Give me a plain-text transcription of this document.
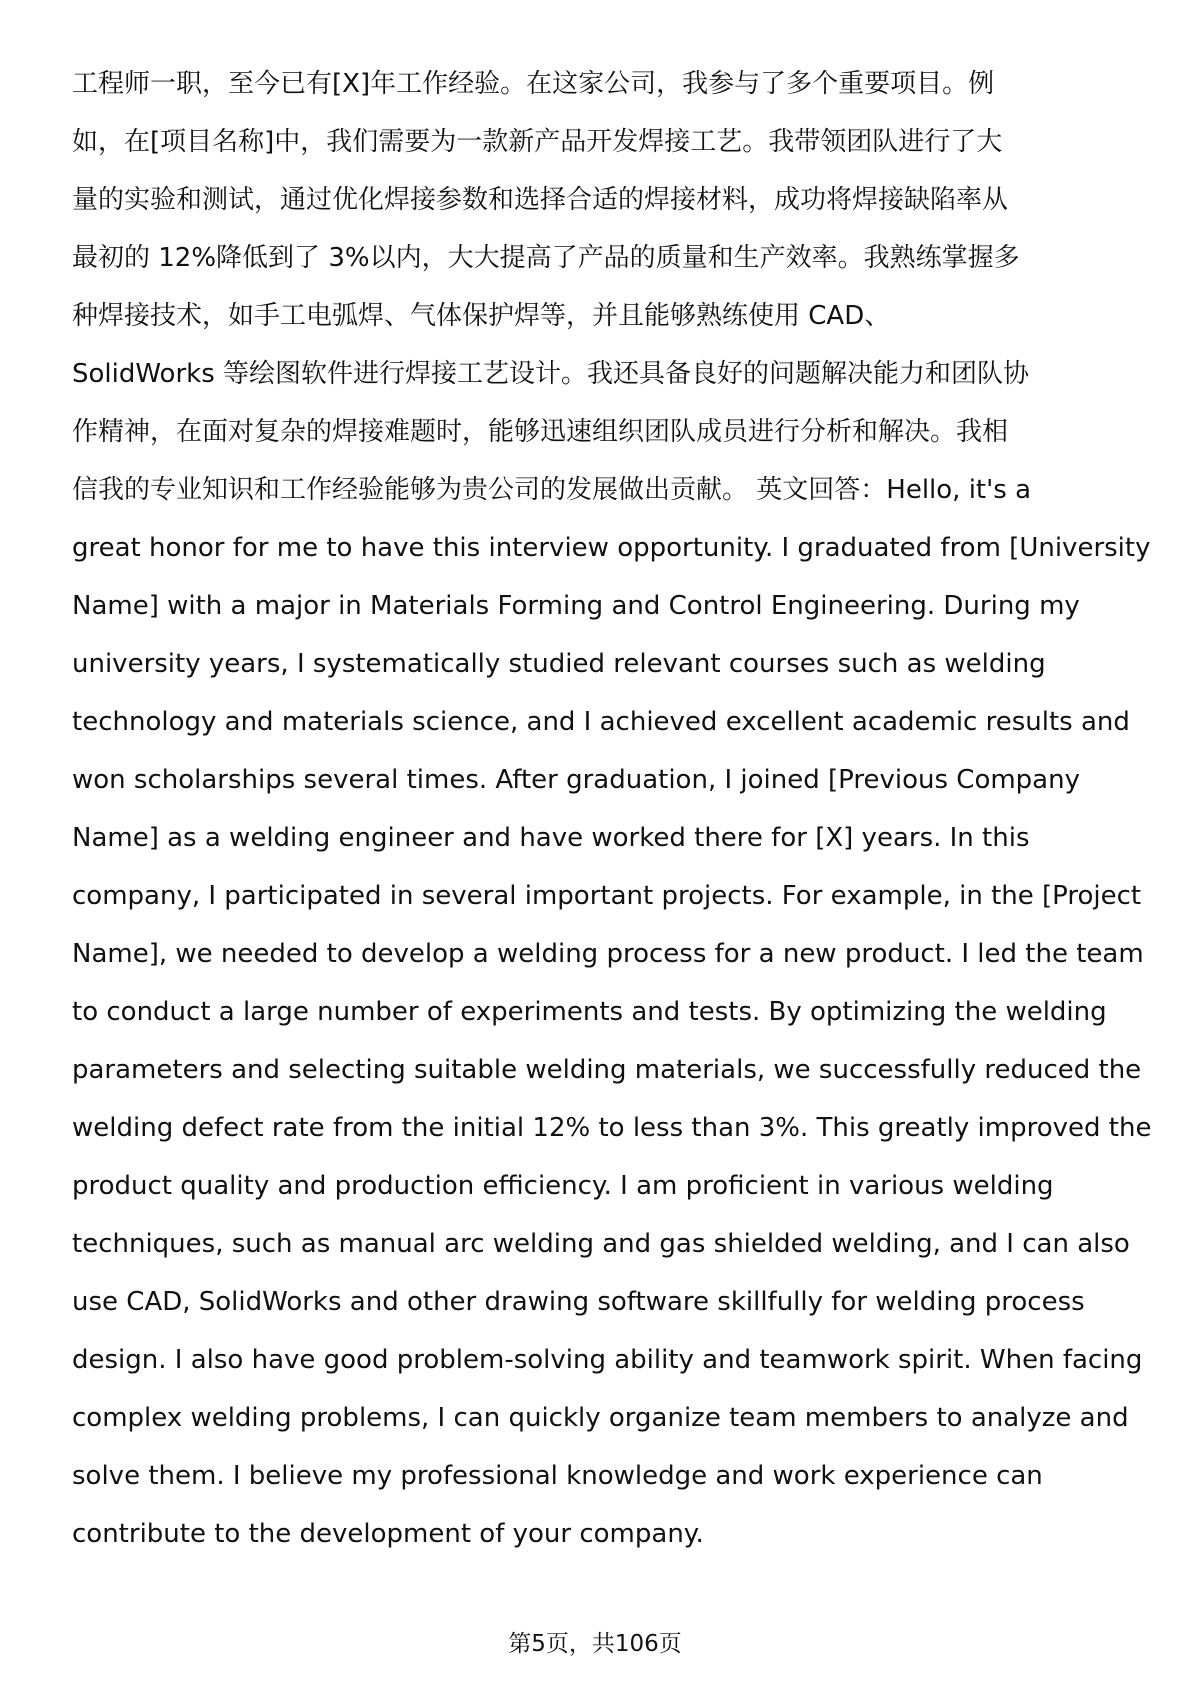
工程师一职，至今已有[X]年工作经验。在这家公司，我参与了多个重要项目。例
如，在[项目名称]中，我们需要为一款新产品开发焊接工艺。我带领团队进行了大
量的实验和测试，通过优化焊接参数和选择合适的焊接材料，成功将焊接缺陷率从
最初的 12%降低到了 3%以内，大大提高了产品的质量和生产效率。我熟练掌握多
种焊接技术，如手工电弧焊、气体保护焊等，并且能够熟练使用 CAD、
SolidWorks 等绘图软件进行焊接工艺设计。我还具备良好的问题解决能力和团队协
作精神，在面对复杂的焊接难题时，能够迅速组织团队成员进行分析和解决。我相
信我的专业知识和工作经验能够为贵公司的发展做出贡献。 英文回答：Hello, it's a
great honor for me to have this interview opportunity. I graduated from [University
Name] with a major in Materials Forming and Control Engineering. During my
university years, I systematically studied relevant courses such as welding
technology and materials science, and I achieved excellent academic results and
won scholarships several times. After graduation, I joined [Previous Company
Name] as a welding engineer and have worked there for [X] years. In this
company, I participated in several important projects. For example, in the [Project
Name], we needed to develop a welding process for a new product. I led the team
to conduct a large number of experiments and tests. By optimizing the welding
parameters and selecting suitable welding materials, we successfully reduced the
welding defect rate from the initial 12% to less than 3%. This greatly improved the
product quality and production efficiency. I am proficient in various welding
techniques, such as manual arc welding and gas shielded welding, and I can also
use CAD, SolidWorks and other drawing software skillfully for welding process
design. I also have good problem-solving ability and teamwork spirit. When facing
complex welding problems, I can quickly organize team members to analyze and
solve them. I believe my professional knowledge and work experience can
contribute to the development of your company.
第5页，共106页
